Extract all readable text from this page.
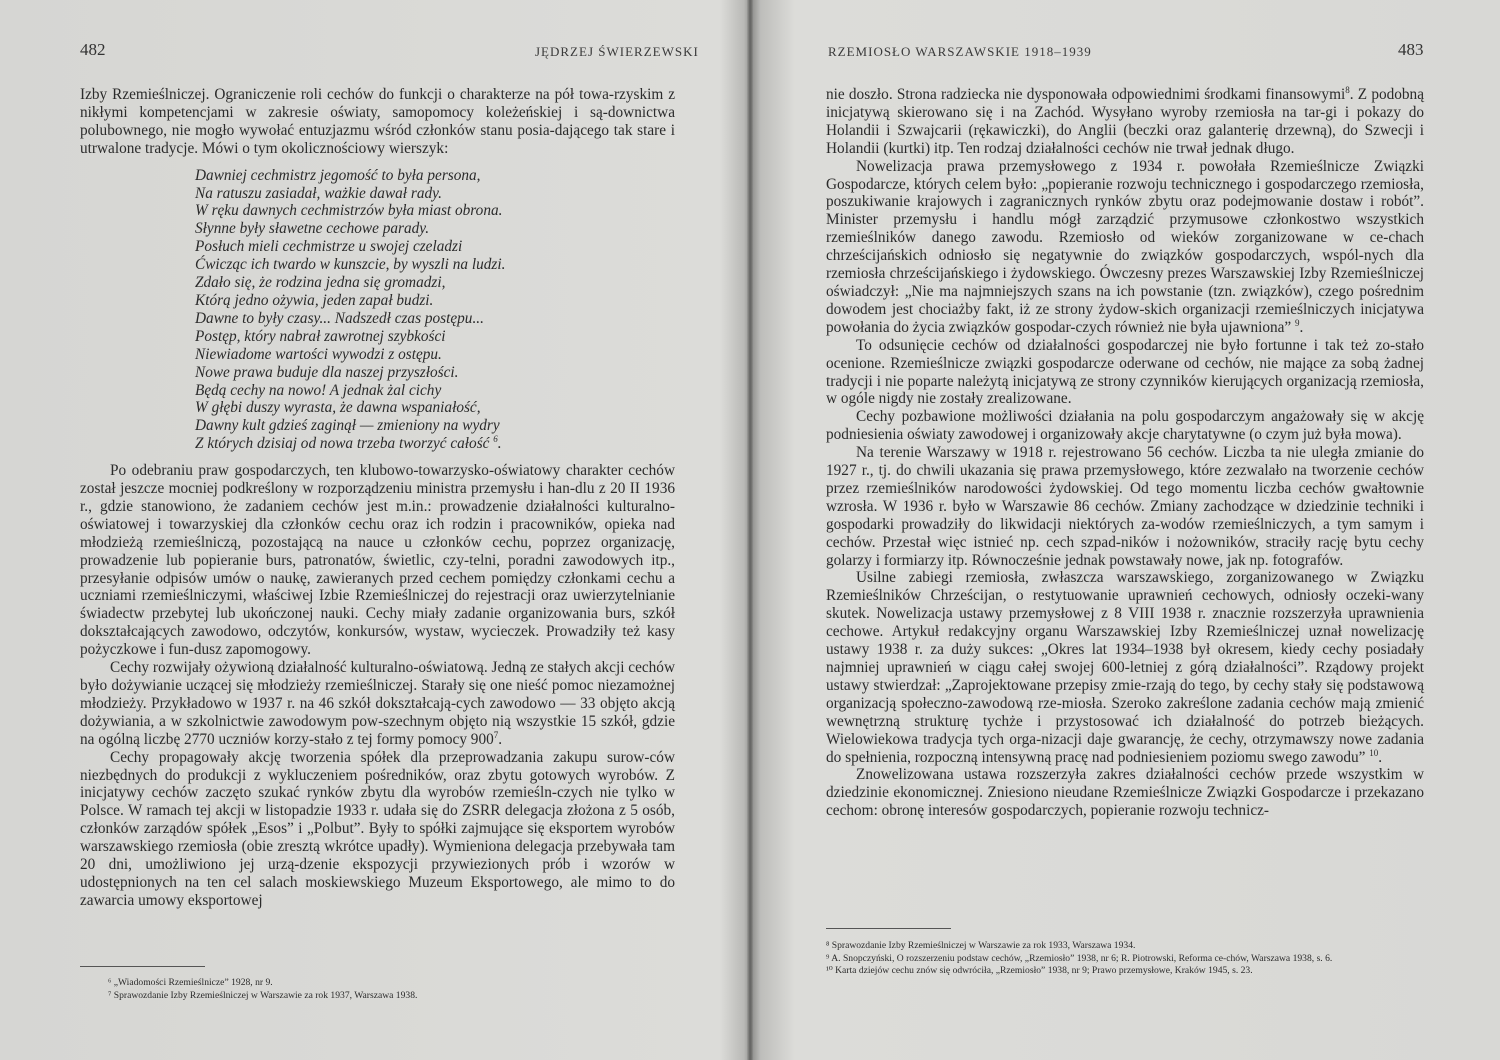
482	JĘDRZEJ ŚWIERZEWSKI

Izby Rzemieślniczej. Ograniczenie roli cechów do funkcji o charakterze na pół towa-rzyskim z nikłymi kompetencjami w zakresie oświaty, samopomocy koleżeńskiej i są-downictwa polubownego, nie mogło wywołać entuzjazmu wśród członków stanu posia-dającego tak stare i utrwalone tradycje. Mówi o tym okolicznościowy wierszyk:

Dawniej cechmistrz jegomość to była persona,
Na ratuszu zasiadał, ważkie dawał rady.
W ręku dawnych cechmistrzów była miast obrona.
Słynne były sławetne cechowe parady.
Posłuch mieli cechmistrze u swojej czeladzi
Ćwicząc ich twardo w kunszcie, by wyszli na ludzi.
Zdało się, że rodzina jedna się gromadzi,
Którą jedno ożywia, jeden zapał budzi.
Dawne to były czasy... Nadszedł czas postępu...
Postęp, który nabrał zawrotnej szybkości
Niewiadome wartości wywodzi z ostępu.
Nowe prawa buduje dla naszej przyszłości.
Będą cechy na nowo! A jednak żal cichy
W głębi duszy wyrasta, że dawna wspaniałość,
Dawny kult gdzieś zaginął — zmieniony na wydry
Z których dzisiaj od nowa trzeba tworzyć całość $^6$.

Po odebraniu praw gospodarczych, ten klubowo-towarzysko-oświatowy charakter cechów został jeszcze mocniej podkreślony w rozporządzeniu ministra przemysłu i han-dlu z 20 II 1936 r., gdzie stanowiono, że zadaniem cechów jest m.in.: prowadzenie działalności kulturalno-oświatowej i towarzyskiej dla członków cechu oraz ich rodzin i pracowników, opieka nad młodzieżą rzemieślniczą, pozostającą na nauce u członków cechu, poprzez organizację, prowadzenie lub popieranie burs, patronatów, świetlic, czy-telni, poradni zawodowych itp., przesyłanie odpisów umów o naukę, zawieranych przed cechem pomiędzy członkami cechu a uczniami rzemieślniczymi, właściwej Izbie Rzemieślniczej do rejestracji oraz uwierzytelnianie świadectw przebytej lub ukończonej nauki. Cechy miały zadanie organizowania burs, szkół dokształcających zawodowo, odczytów, konkursów, wystaw, wycieczek. Prowadziły też kasy pożyczkowe i fun-dusz zapomogowy.

Cechy rozwijały ożywioną działalność kulturalno-oświatową. Jedną ze stałych akcji cechów było dożywianie uczącej się młodzieży rzemieślniczej. Starały się one nieść pomoc niezamożnej młodzieży. Przykładowo w 1937 r. na 46 szkół dokształcają-cych zawodowo — 33 objęto akcją dożywiania, a w szkolnictwie zawodowym pow-szechnym objęto nią wszystkie 15 szkół, gdzie na ogólną liczbę 2770 uczniów korzy-stało z tej formy pomocy $900^7$.

Cechy propagowały akcję tworzenia spółek dla przeprowadzania zakupu surow-ców niezbędnych do produkcji z wykluczeniem pośredników, oraz zbytu gotowych wyrobów. Z inicjatywy cechów zaczęto szukać rynków zbytu dla wyrobów rzemieśln-czych nie tylko w Polsce. W ramach tej akcji w listopadzie 1933 r. udała się do ZSRR delegacja złożona z 5 osób, członków zarządów spółek „Esos” i „Polbut”. Były to spółki zajmujące się eksportem wyrobów warszawskiego rzemiosła (obie zresztą wkrótce upadły). Wymieniona delegacja przebywała tam 20 dni, umożliwiono jej urzą-dzenie ekspozycji przywiezionych prób i wzorów w udostępnionych na ten cel salach moskiewskiego Muzeum Eksportowego, ale mimo to do zawarcia umowy eksportowej

⁶ „Wiadomości Rzemieślnicze” 1928, nr 9.
⁷ Sprawozdanie Izby Rzemieślniczej w Warszawie za rok 1937, Warszawa 1938.
RZEMIOSŁO WARSZAWSKIE 1918–1939	483

nie doszło. Strona radziecka nie dysponowała odpowiednimi środkami finansowymi$^8$. Z podobną inicjatywą skierowano się i na Zachód. Wysyłano wyroby rzemiosła na tar-gi i pokazy do Holandii i Szwajcarii (rękawiczki), do Anglii (beczki oraz galanterię drzewną), do Szwecji i Holandii (kurtki) itp. Ten rodzaj działalności cechów nie trwał jednak długo.

Nowelizacja prawa przemysłowego z 1934 r. powołała Rzemieślnicze Związki Gospodarcze, których celem było: „popieranie rozwoju technicznego i gospodarczego rzemiosła, poszukiwanie krajowych i zagranicznych rynków zbytu oraz podejmowanie dostaw i robót”. Minister przemysłu i handlu mógł zarządzić przymusowe członkostwo wszystkich rzemieślników danego zawodu. Rzemiosło od wieków zorganizowane w ce-chach chrześcijańskich odniosło się negatywnie do związków gospodarczych, wspól-nych dla rzemiosła chrześcijańskiego i żydowskiego. Ówczesny prezes Warszawskiej Izby Rzemieślniczej oświadczył: „Nie ma najmniejszych szans na ich powstanie (tzn. związków), czego pośrednim dowodem jest chociażby fakt, iż ze strony żydow-skich organizacji rzemieślniczych inicjatywa powołania do życia związków gospodar-czych również nie była ujawniona” $^9$.

To odsunięcie cechów od działalności gospodarczej nie było fortunne i tak też zo-stało ocenione. Rzemieślnicze związki gospodarcze oderwane od cechów, nie mające za sobą żadnej tradycji i nie poparte należytą inicjatywą ze strony czynników kierujących organizacją rzemiosła, w ogóle nigdy nie zostały zrealizowane.

Cechy pozbawione możliwości działania na polu gospodarczym angażowały się w akcję podniesienia oświaty zawodowej i organizowały akcje charytatywne (o czym już była mowa).

Na terenie Warszawy w 1918 r. rejestrowano 56 cechów. Liczba ta nie uległa zmianie do 1927 r., tj. do chwili ukazania się prawa przemysłowego, które zezwalało na tworzenie cechów przez rzemieślników narodowości żydowskiej. Od tego momentu liczba cechów gwałtownie wzrosła. W 1936 r. było w Warszawie 86 cechów. Zmiany zachodzące w dziedzinie techniki i gospodarki prowadziły do likwidacji niektórych za-wodów rzemieślniczych, a tym samym i cechów. Przestał więc istnieć np. cech szpad-ników i nożowników, straciły rację bytu cechy golarzy i formiarzy itp. Równocześnie jednak powstawały nowe, jak np. fotografów.

Usilne zabiegi rzemiosła, zwłaszcza warszawskiego, zorganizowanego w Związku Rzemieślników Chrześcijan, o restytuowanie uprawnień cechowych, odniosły oczeki-wany skutek. Nowelizacja ustawy przemysłowej z 8 VIII 1938 r. znacznie rozszerzyła uprawnienia cechowe. Artykuł redakcyjny organu Warszawskiej Izby Rzemieślniczej uznał nowelizację ustawy 1938 r. za duży sukces: „Okres lat 1934–1938 był okresem, kiedy cechy posiadały najmniej uprawnień w ciągu całej swojej 600-letniej z górą działalności”. Rządowy projekt ustawy stwierdzał: „Zaprojektowane przepisy zmie-rzają do tego, by cechy stały się podstawową organizacją społeczno-zawodową rze-miosła. Szeroko zakreślone zadania cechów mają zmienić wewnętrzną strukturę tychże i przystosować ich działalność do potrzeb bieżących. Wielowiekowa tradycja tych orga-nizacji daje gwarancję, że cechy, otrzymawszy nowe zadania do spełnienia, rozpoczną intensywną pracę nad podniesieniem poziomu swego zawodu” $^{10}$.

Znowelizowana ustawa rozszerzyła zakres działalności cechów przede wszystkim w dziedzinie ekonomicznej. Zniesiono nieudane Rzemieślnicze Związki Gospodarcze i przekazano cechom: obronę interesów gospodarczych, popieranie rozwoju technicz-

⁸ Sprawozdanie Izby Rzemieślniczej w Warszawie za rok 1933, Warszawa 1934.
⁹ A. Snopczyński, O rozszerzeniu podstaw cechów, „Rzemiosło” 1938, nr 6; R. Piotrowski, Reforma ce-chów, Warszawa 1938, s. 6.
¹⁰ Karta dziejów cechu znów się odwróciła, „Rzemiosło” 1938, nr 9; Prawo przemysłowe, Kraków 1945, s. 23.
